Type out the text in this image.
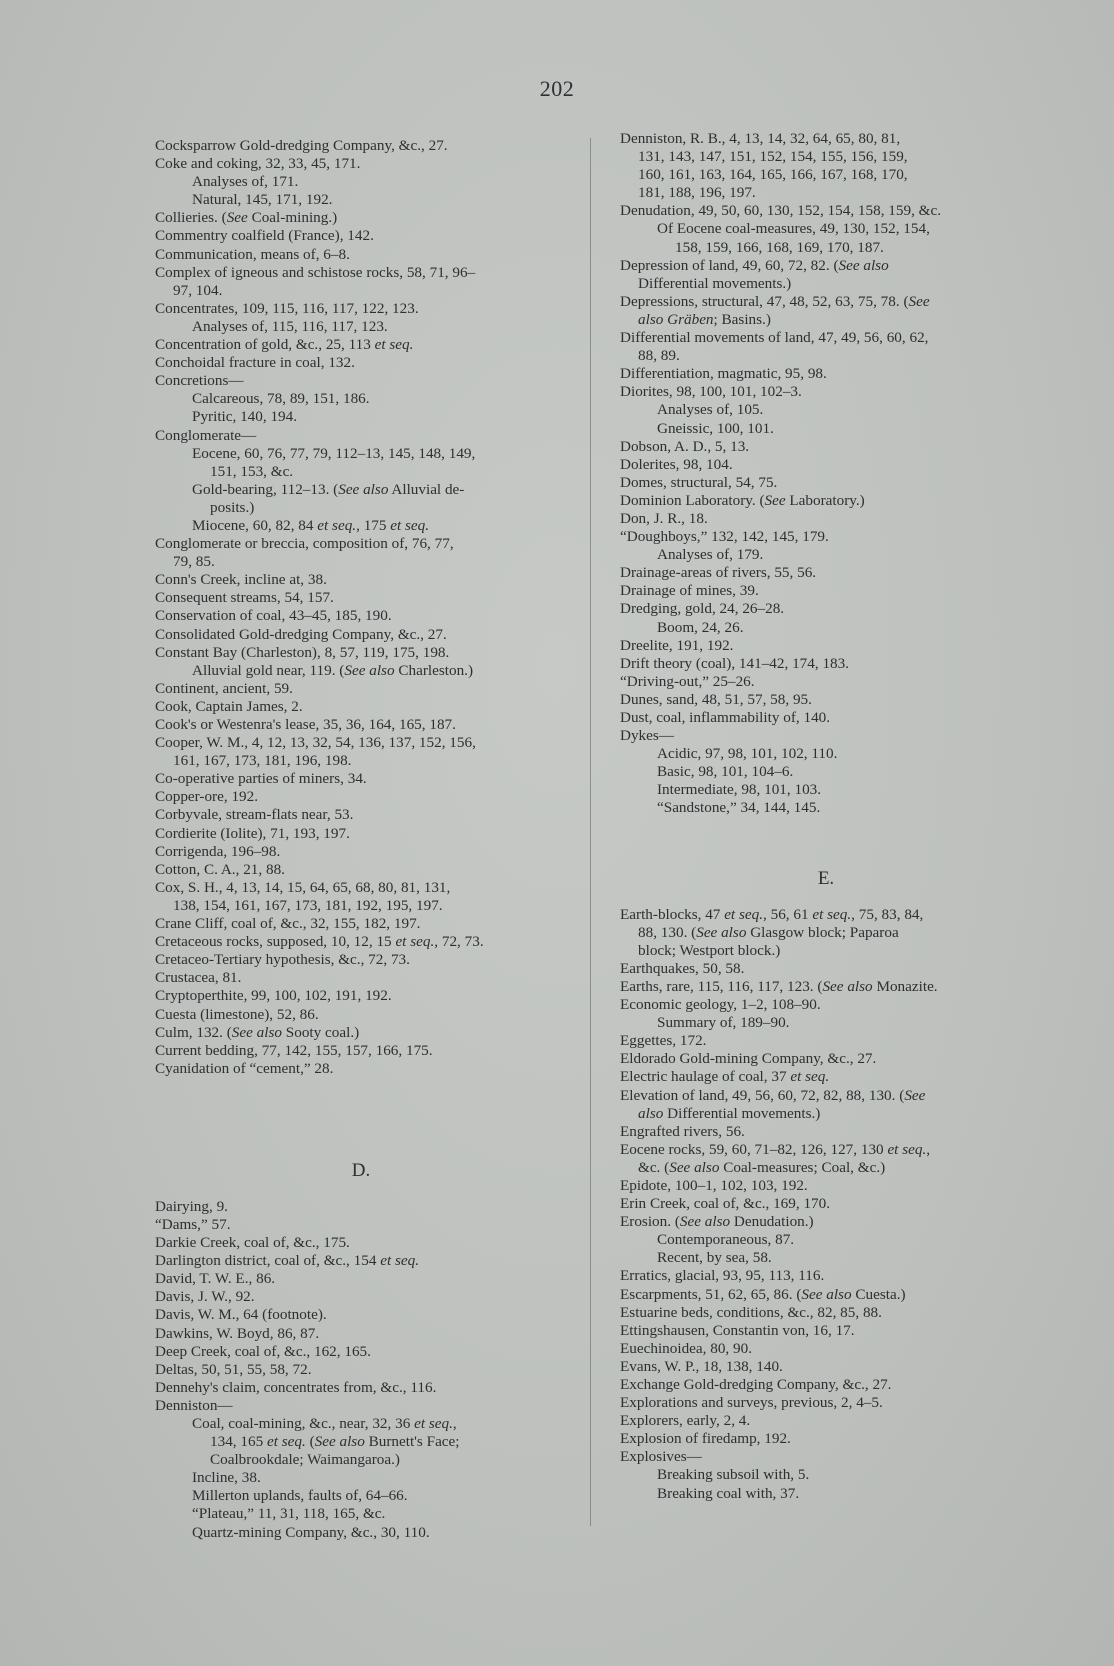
202
Cocksparrow Gold-dredging Company, &c., 27.
Coke and coking, 32, 33, 45, 171.
Analyses of, 171.
Natural, 145, 171, 192.
Collieries. (See Coal-mining.)
Commentry coalfield (France), 142.
Communication, means of, 6–8.
Complex of igneous and schistose rocks, 58, 71, 96–
97, 104.
Concentrates, 109, 115, 116, 117, 122, 123.
Analyses of, 115, 116, 117, 123.
Concentration of gold, &c., 25, 113 et seq.
Conchoidal fracture in coal, 132.
Concretions—
Calcareous, 78, 89, 151, 186.
Pyritic, 140, 194.
Conglomerate—
Eocene, 60, 76, 77, 79, 112–13, 145, 148, 149,
151, 153, &c.
Gold-bearing, 112–13. (See also Alluvial de-
posits.)
Miocene, 60, 82, 84 et seq., 175 et seq.
Conglomerate or breccia, composition of, 76, 77,
79, 85.
Conn's Creek, incline at, 38.
Consequent streams, 54, 157.
Conservation of coal, 43–45, 185, 190.
Consolidated Gold-dredging Company, &c., 27.
Constant Bay (Charleston), 8, 57, 119, 175, 198.
Alluvial gold near, 119. (See also Charleston.)
Continent, ancient, 59.
Cook, Captain James, 2.
Cook's or Westenra's lease, 35, 36, 164, 165, 187.
Cooper, W. M., 4, 12, 13, 32, 54, 136, 137, 152, 156,
161, 167, 173, 181, 196, 198.
Co-operative parties of miners, 34.
Copper-ore, 192.
Corbyvale, stream-flats near, 53.
Cordierite (Iolite), 71, 193, 197.
Corrigenda, 196–98.
Cotton, C. A., 21, 88.
Cox, S. H., 4, 13, 14, 15, 64, 65, 68, 80, 81, 131,
138, 154, 161, 167, 173, 181, 192, 195, 197.
Crane Cliff, coal of, &c., 32, 155, 182, 197.
Cretaceous rocks, supposed, 10, 12, 15 et seq., 72, 73.
Cretaceo-Tertiary hypothesis, &c., 72, 73.
Crustacea, 81.
Cryptoperthite, 99, 100, 102, 191, 192.
Cuesta (limestone), 52, 86.
Culm, 132. (See also Sooty coal.)
Current bedding, 77, 142, 155, 157, 166, 175.
Cyanidation of “cement,” 28.
D.
Dairying, 9.
“Dams,” 57.
Darkie Creek, coal of, &c., 175.
Darlington district, coal of, &c., 154 et seq.
David, T. W. E., 86.
Davis, J. W., 92.
Davis, W. M., 64 (footnote).
Dawkins, W. Boyd, 86, 87.
Deep Creek, coal of, &c., 162, 165.
Deltas, 50, 51, 55, 58, 72.
Dennehy's claim, concentrates from, &c., 116.
Denniston—
Coal, coal-mining, &c., near, 32, 36 et seq.,
134, 165 et seq. (See also Burnett's Face;
Coalbrookdale; Waimangaroa.)
Incline, 38.
Millerton uplands, faults of, 64–66.
“Plateau,” 11, 31, 118, 165, &c.
Quartz-mining Company, &c., 30, 110.
Denniston, R. B., 4, 13, 14, 32, 64, 65, 80, 81,
131, 143, 147, 151, 152, 154, 155, 156, 159,
160, 161, 163, 164, 165, 166, 167, 168, 170,
181, 188, 196, 197.
Denudation, 49, 50, 60, 130, 152, 154, 158, 159, &c.
Of Eocene coal-measures, 49, 130, 152, 154,
158, 159, 166, 168, 169, 170, 187.
Depression of land, 49, 60, 72, 82. (See also
Differential movements.)
Depressions, structural, 47, 48, 52, 63, 75, 78. (See
also Gräben; Basins.)
Differential movements of land, 47, 49, 56, 60, 62,
88, 89.
Differentiation, magmatic, 95, 98.
Diorites, 98, 100, 101, 102–3.
Analyses of, 105.
Gneissic, 100, 101.
Dobson, A. D., 5, 13.
Dolerites, 98, 104.
Domes, structural, 54, 75.
Dominion Laboratory. (See Laboratory.)
Don, J. R., 18.
“Doughboys,” 132, 142, 145, 179.
Analyses of, 179.
Drainage-areas of rivers, 55, 56.
Drainage of mines, 39.
Dredging, gold, 24, 26–28.
Boom, 24, 26.
Dreelite, 191, 192.
Drift theory (coal), 141–42, 174, 183.
“Driving-out,” 25–26.
Dunes, sand, 48, 51, 57, 58, 95.
Dust, coal, inflammability of, 140.
Dykes—
Acidic, 97, 98, 101, 102, 110.
Basic, 98, 101, 104–6.
Intermediate, 98, 101, 103.
“Sandstone,” 34, 144, 145.
E.
Earth-blocks, 47 et seq., 56, 61 et seq., 75, 83, 84,
88, 130. (See also Glasgow block; Paparoa
block; Westport block.)
Earthquakes, 50, 58.
Earths, rare, 115, 116, 117, 123. (See also Monazite.
Economic geology, 1–2, 108–90.
Summary of, 189–90.
Eggettes, 172.
Eldorado Gold-mining Company, &c., 27.
Electric haulage of coal, 37 et seq.
Elevation of land, 49, 56, 60, 72, 82, 88, 130. (See
also Differential movements.)
Engrafted rivers, 56.
Eocene rocks, 59, 60, 71–82, 126, 127, 130 et seq.,
&c. (See also Coal-measures; Coal, &c.)
Epidote, 100–1, 102, 103, 192.
Erin Creek, coal of, &c., 169, 170.
Erosion. (See also Denudation.)
Contemporaneous, 87.
Recent, by sea, 58.
Erratics, glacial, 93, 95, 113, 116.
Escarpments, 51, 62, 65, 86. (See also Cuesta.)
Estuarine beds, conditions, &c., 82, 85, 88.
Ettingshausen, Constantin von, 16, 17.
Euechinoidea, 80, 90.
Evans, W. P., 18, 138, 140.
Exchange Gold-dredging Company, &c., 27.
Explorations and surveys, previous, 2, 4–5.
Explorers, early, 2, 4.
Explosion of firedamp, 192.
Explosives—
Breaking subsoil with, 5.
Breaking coal with, 37.
